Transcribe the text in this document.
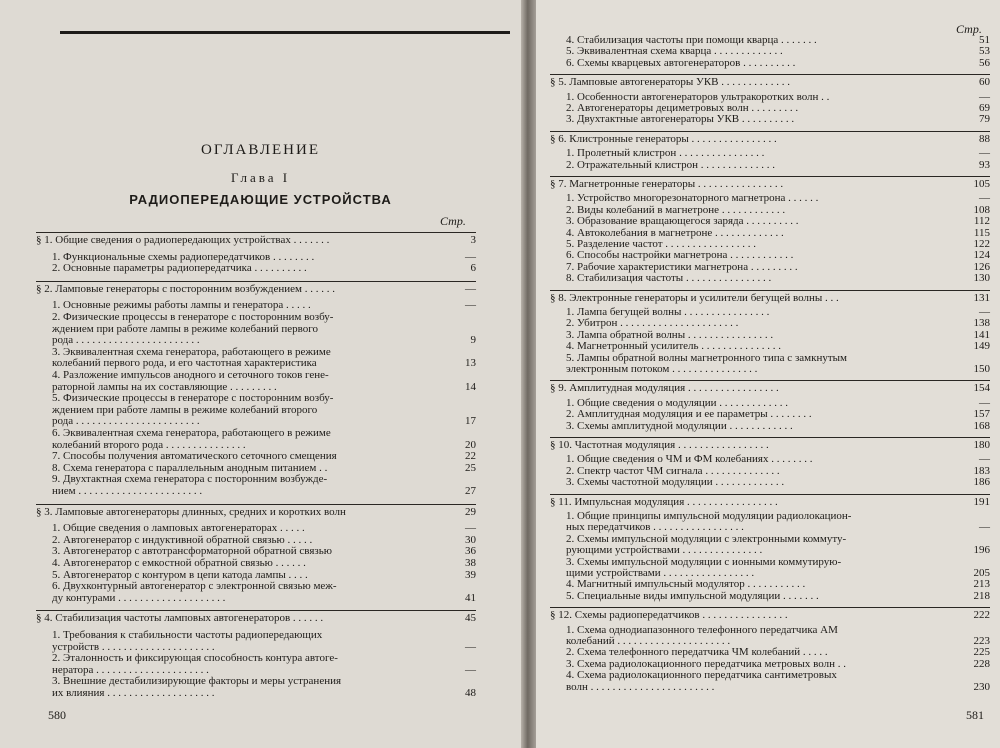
ОГЛАВЛЕНИЕ
Глава I
РАДИОПЕРЕДАЮЩИЕ УСТРОЙСТВА
Стр.
§ 1. Общие сведения о радиопередающих устройствах . . . . . . .	3
1. Функциональные схемы радиопередатчиков . . . . . . . .	—
2. Основные параметры радиопередатчика . . . . . . . . . .	6
§ 2. Ламповые генераторы с посторонним возбуждением . . . . . .	—
1. Основные режимы работы лампы и генератора . . . . .	—
2. Физические процессы в генераторе с посторонним возбу-
ждением при работе лампы в режиме колебаний первого
рода . . . . . . . . . . . . . . . . . . . . . . .	9
3. Эквивалентная схема генератора, работающего в режиме
колебаний первого рода, и его частотная характеристика	13
4. Разложение импульсов анодного и сеточного токов гене-
раторной лампы на их составляющие . . . . . . . . .	14
5. Физические процессы в генераторе с посторонним возбу-
ждением при работе лампы в режиме колебаний второго
рода . . . . . . . . . . . . . . . . . . . . . . .	17
6. Эквивалентная схема генератора, работающего в режиме
колебаний второго рода . . . . . . . . . . . . . . .	20
7. Способы получения автоматического сеточного смещения	22
8. Схема генератора с параллельным анодным питанием . .	25
9. Двухтактная схема генератора с посторонним возбужде-
нием . . . . . . . . . . . . . . . . . . . . . . .	27
§ 3. Ламповые автогенераторы длинных, средних и коротких волн	29
1. Общие сведения о ламповых автогенераторах . . . . .	—
2. Автогенератор с индуктивной обратной связью . . . . .	30
3. Автогенератор с автотрансформаторной обратной связью	36
4. Автогенератор с емкостной обратной связью . . . . . .	38
5. Автогенератор с контуром в цепи катода лампы . . . .	39
6. Двухконтурный автогенератор с электронной связью меж-
ду контурами . . . . . . . . . . . . . . . . . . . .	41
§ 4. Стабилизация частоты ламповых автогенераторов . . . . . .	45
1. Требования к стабильности частоты радиопередающих
устройств . . . . . . . . . . . . . . . . . . . . .	—
2. Эталонность и фиксирующая способность контура автоге-
нератора . . . . . . . . . . . . . . . . . . . . .	—
3. Внешние дестабилизирующие факторы и меры устранения
их влияния . . . . . . . . . . . . . . . . . . . .	48
580
Стр.
4. Стабилизация частоты при помощи кварца . . . . . . .	51
5. Эквивалентная схема кварца . . . . . . . . . . . . .	53
6. Схемы кварцевых автогенераторов . . . . . . . . . .	56
§ 5. Ламповые автогенераторы УКВ . . . . . . . . . . . . .	60
1. Особенности автогенераторов ультракоротких волн . .	—
2. Автогенераторы дециметровых волн . . . . . . . . .	69
3. Двухтактные автогенераторы УКВ . . . . . . . . . .	79
§ 6. Клистронные генераторы . . . . . . . . . . . . . . . .	88
1. Пролетный клистрон . . . . . . . . . . . . . . . .	—
2. Отражательный клистрон . . . . . . . . . . . . . .	93
§ 7. Магнетронные генераторы . . . . . . . . . . . . . . . .	105
1. Устройство многорезонаторного магнетрона . . . . . .	—
2. Виды колебаний в магнетроне . . . . . . . . . . . .	108
3. Образование вращающегося заряда . . . . . . . . . .	112
4. Автоколебания в магнетроне . . . . . . . . . . . . .	115
5. Разделение частот . . . . . . . . . . . . . . . . .	122
6. Способы настройки магнетрона . . . . . . . . . . . .	124
7. Рабочие характеристики магнетрона . . . . . . . . .	126
8. Стабилизация частоты . . . . . . . . . . . . . . . .	130
§ 8. Электронные генераторы и усилители бегущей волны . . .	131
1. Лампа бегущей волны . . . . . . . . . . . . . . . .	—
2. Убитрон . . . . . . . . . . . . . . . . . . . . . .	138
3. Лампа обратной волны . . . . . . . . . . . . . . . .	141
4. Магнетронный усилитель . . . . . . . . . . . . . . .	149
5. Лампы обратной волны магнетронного типа с замкнутым
электронным потоком . . . . . . . . . . . . . . . .	150
§ 9. Амплитудная модуляция . . . . . . . . . . . . . . . . .	154
1. Общие сведения о модуляции . . . . . . . . . . . . .	—
2. Амплитудная модуляция и ее параметры . . . . . . . .	157
3. Схемы амплитудной модуляции . . . . . . . . . . . .	168
§ 10. Частотная модуляция . . . . . . . . . . . . . . . . .	180
1. Общие сведения о ЧМ и ФМ колебаниях . . . . . . . .	—
2. Спектр частот ЧМ сигнала . . . . . . . . . . . . . .	183
3. Схемы частотной модуляции . . . . . . . . . . . . .	186
§ 11. Импульсная модуляция . . . . . . . . . . . . . . . . .	191
1. Общие принципы импульсной модуляции радиолокацион-
ных передатчиков . . . . . . . . . . . . . . . . .	—
2. Схемы импульсной модуляции с электронными коммуту-
рующими устройствами . . . . . . . . . . . . . . .	196
3. Схемы импульсной модуляции с ионными коммутирую-
щими устройствами . . . . . . . . . . . . . . . . .	205
4. Магнитный импульсный модулятор . . . . . . . . . . .	213
5. Специальные виды импульсной модуляции . . . . . . .	218
§ 12. Схемы радиопередатчиков . . . . . . . . . . . . . . . .	222
1. Схема однодиапазонного телефонного передатчика АМ
колебаний . . . . . . . . . . . . . . . . . . . . .	223
2. Схема телефонного передатчика ЧМ колебаний . . . . .	225
3. Схема радиолокационного передатчика метровых волн . .	228
4. Схема радиолокационного передатчика сантиметровых
волн . . . . . . . . . . . . . . . . . . . . . . .	230
581
